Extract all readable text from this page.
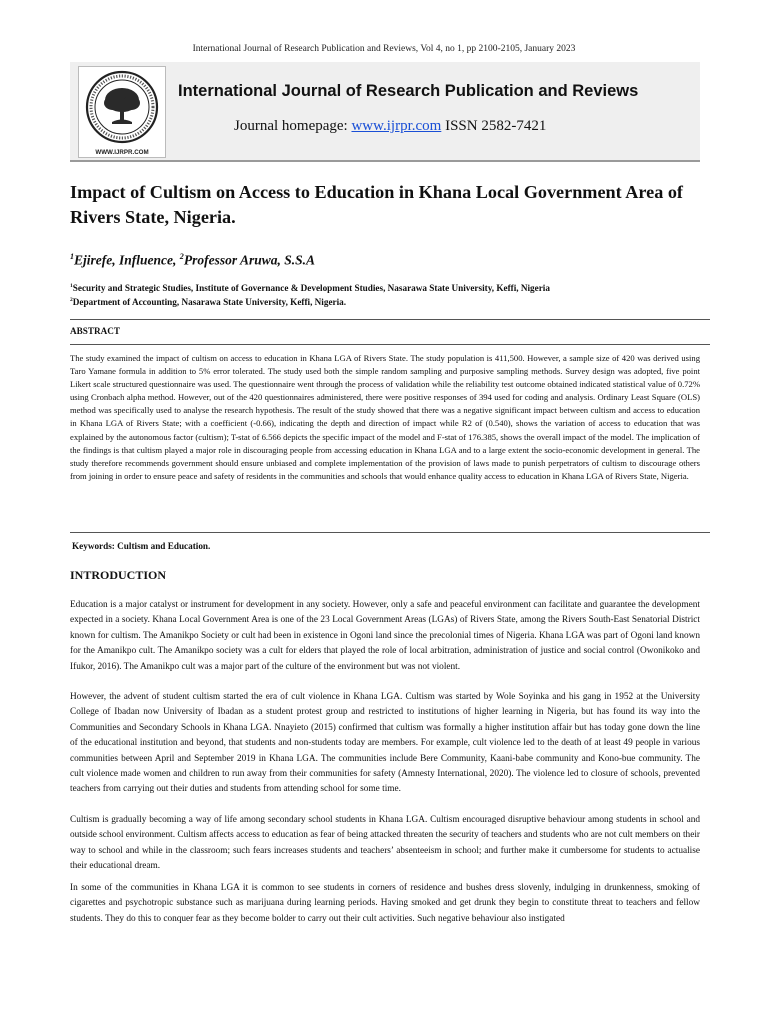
International Journal of Research Publication and Reviews, Vol 4, no 1, pp 2100-2105, January 2023
WWW.IJRPR.COM
International Journal of Research Publication and Reviews
Journal homepage: www.ijrpr.com ISSN 2582-7421
Impact of Cultism on Access to Education in Khana Local Government Area of Rivers State, Nigeria.
$^1$Ejirefe, Influence, $^2$Professor Aruwa, S.S.A
$^1$Security and Strategic Studies, Institute of Governance & Development Studies, Nasarawa State University, Keffi, Nigeria
$^2$Department of Accounting, Nasarawa State University, Keffi, Nigeria.
ABSTRACT

The study examined the impact of cultism on access to education in Khana LGA of Rivers State. The study population is 411,500. However, a sample size of 420 was derived using Taro Yamane formula in addition to 5% error tolerated. The study used both the simple random sampling and purposive sampling methods. Survey design was adopted, five point Likert scale structured questionnaire was used. The questionnaire went through the process of validation while the reliability test outcome obtained indicated statistical value of 0.72% using Cronbach alpha method. However, out of the 420 questionnaires administered, there were positive responses of 394 used for coding and analysis. Ordinary Least Square (OLS) method was specifically used to analyse the research hypothesis. The result of the study showed that there was a negative significant impact between cultism and access to education in Khana LGA of Rivers State; with a coefficient (-0.66), indicating the depth and direction of impact while R2 of (0.540), shows the variation of access to education that was explained by the autonomous factor (cultism); T-stat of 6.566 depicts the specific impact of the model and F-stat of 176.385, shows the overall impact of the model. The implication of the findings is that cultism played a major role in discouraging people from accessing education in Khana LGA and to a large extent the socio-economic development in general. The study therefore recommends government should ensure unbiased and complete implementation of the provision of laws made to punish perpetrators of cultism to discourage others from joining in order to ensure peace and safety of residents in the communities and schools that would enhance quality access to education in Khana LGA of Rivers State, Nigeria.

Keywords: Cultism and Education.
INTRODUCTION

Education is a major catalyst or instrument for development in any society. However, only a safe and peaceful environment can facilitate and guarantee the development expected in a society. Khana Local Government Area is one of the 23 Local Government Areas (LGAs) of Rivers State, among the Rivers South-East Senatorial District known for cultism. The Amanikpo Society or cult had been in existence in Ogoni land since the precolonial times of Nigeria. Khana LGA was part of Ogoni land known for the Amanikpo cult. The Amanikpo society was a cult for elders that played the role of local arbitration, administration of justice and social control (Owonikoko and Ifukor, 2016). The Amanikpo cult was a major part of the culture of the environment but was not violent.

However, the advent of student cultism started the era of cult violence in Khana LGA. Cultism was started by Wole Soyinka and his gang in 1952 at the University College of Ibadan now University of Ibadan as a student protest group and restricted to institutions of higher learning in Nigeria, but has found its way into the Communities and Secondary Schools in Khana LGA. Nnayieto (2015) confirmed that cultism was formally a higher institution affair but has today gone down the line of the educational institution and beyond, that students and non-students today are members. For example, cult violence led to the death of at least 49 people in various communities between April and September 2019 in Khana LGA. The communities include Bere Community, Kaani-babe community and Kono-bue community. The cult violence made women and children to run away from their communities for safety (Amnesty International, 2020). The violence led to closure of schools, prevented teachers from carrying out their duties and students from attending school for some time.

Cultism is gradually becoming a way of life among secondary school students in Khana LGA. Cultism encouraged disruptive behaviour among students in school and outside school environment. Cultism affects access to education as fear of being attacked threaten the security of teachers and students who are not cult members on their way to school and while in the classroom; such fears increases students and teachers’ absenteeism in school; and further make it cumbersome for students to actualise their educational dream.

In some of the communities in Khana LGA it is common to see students in corners of residence and bushes dress slovenly, indulging in drunkenness, smoking of cigarettes and psychotropic substance such as marijuana during learning periods. Having smoked and get drunk they begin to constitute threat to teachers and fellow students. They do this to conquer fear as they become bolder to carry out their cult activities. Such negative behaviour also instigated
